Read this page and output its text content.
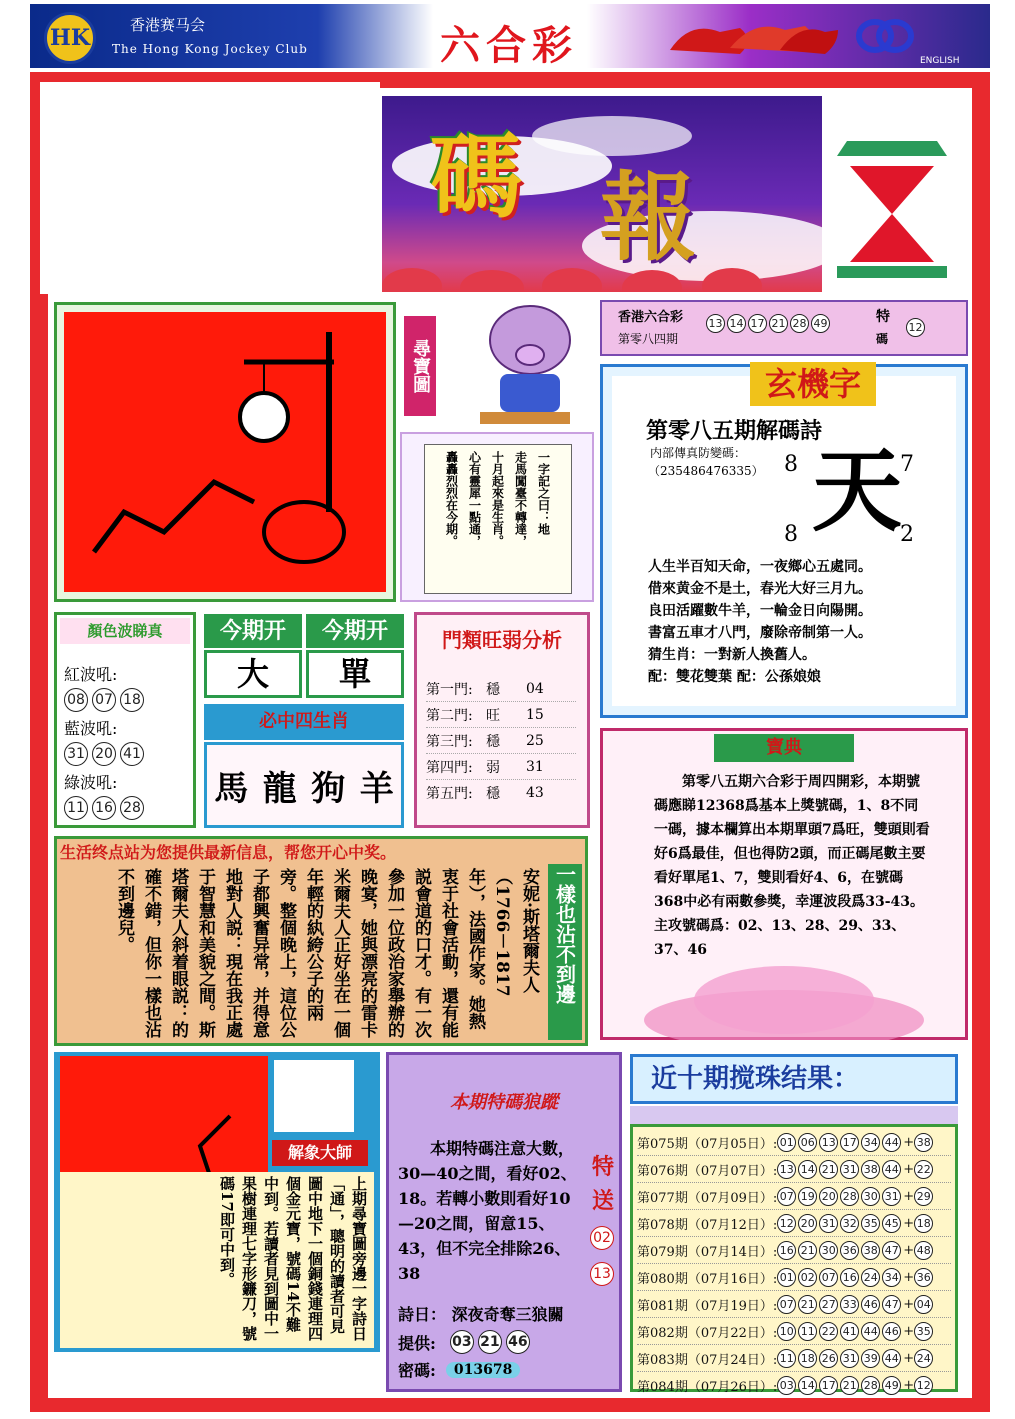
HK	香港赛马会
The Hong Kong Jockey Club	六合彩	ENGLISH
碼 報
尋寶圖
一字記之曰：地
走馬闖臺不轉達，
十月起來是生肖。
心有靈犀一點通，
轟轟烈烈在今期。
香港六合彩
第零八四期
13 14 17 21 28 49	特
碼
12
玄機字
第零八五期解碼詩
内部傳真防變碼：
（235486476335） 天
8	7
8	2
人生半百知天命，一夜鄉心五處同。
借來黄金不是土，春光大好三月九。
良田活躍數牛羊，一輪金日向陽開。
書富五車才八門，廢除帝制第一人。
猜生肖：一對新人換舊人。
配：雙花雙葉 配：公孫娘娘
顏色波睇真
紅波吼:
08 07 18
藍波吼:
31 20 41
綠波吼:
11 16 28
今期开	今期开
大	單
必中四生肖
馬 龍 狗 羊
門類旺弱分析
第一門: 穩	04
第二門: 旺	15
第三門: 穩	25
第四門: 弱	31
第五門: 穩	43
寶典
第零八五期六合彩于周四開彩，本期號碼應睇12368爲基本上獎號碼，1、8不同一碼，據本欄算出本期單頭7爲旺，雙頭則看好6爲最佳，但也得防2頭，而正碼尾數主要看好單尾1、7，雙則看好4、6，在號碼368中必有兩數參獎，幸運波段爲33-43。主攻號碼爲：02、13、28、29、33、37、46
生活终点站为您提供最新信息，帮您开心中奖。
一樣也沾不到邊
安妮·斯塔爾夫人（1766－1817年），法國作家。她熱衷于社會活動，還有能説會道的口才。有一次參加一位政治家舉辦的晚宴，她與漂亮的雷卡米爾夫人正好坐在一個年輕的紈絝公子的兩旁。整個晚上，這位公子都興奮异常，并得意地對人説：現在我正處于智慧和美貌之間。斯塔爾夫人斜着眼説：的確不錯，但你一樣也沾不到邊兒。
解象大師
上期尋寶圖旁邊一字詩日「通」，聰明的讀者可見圖中地下一個銅錢連理四個金元寶，號碼14不難中到。若讀者見到圖中一果樹連理七字形鐮刀，號碼17即可中到。
本期特碼狼蹤
本期特碼注意大數，30—40之間，看好02、18。若轉小數則看好10—20之間，留意15、43，但不完全排除26、38
特
送
02
13
詩日： 深夜奇奪三狼關
提供: 03 21 46
密碼:	013678
近十期搅珠结果：
第075期 （07月05日）: 01 06 13 17 34 44 + 38
第076期 （07月07日）: 13 14 21 31 38 44 + 22
第077期 （07月09日）: 07 19 20 28 30 31 + 29
第078期 （07月12日）: 12 20 31 32 35 45 + 18
第079期 （07月14日）: 16 21 30 36 38 47 + 48
第080期 （07月16日）: 01 02 07 16 24 34 + 36
第081期 （07月19日）: 07 21 27 33 46 47 + 04
第082期 （07月22日）: 10 11 22 41 44 46 + 35
第083期 （07月24日）: 11 18 26 31 39 44 + 24
第084期 （07月26日）: 03 14 17 21 28 49 + 12
